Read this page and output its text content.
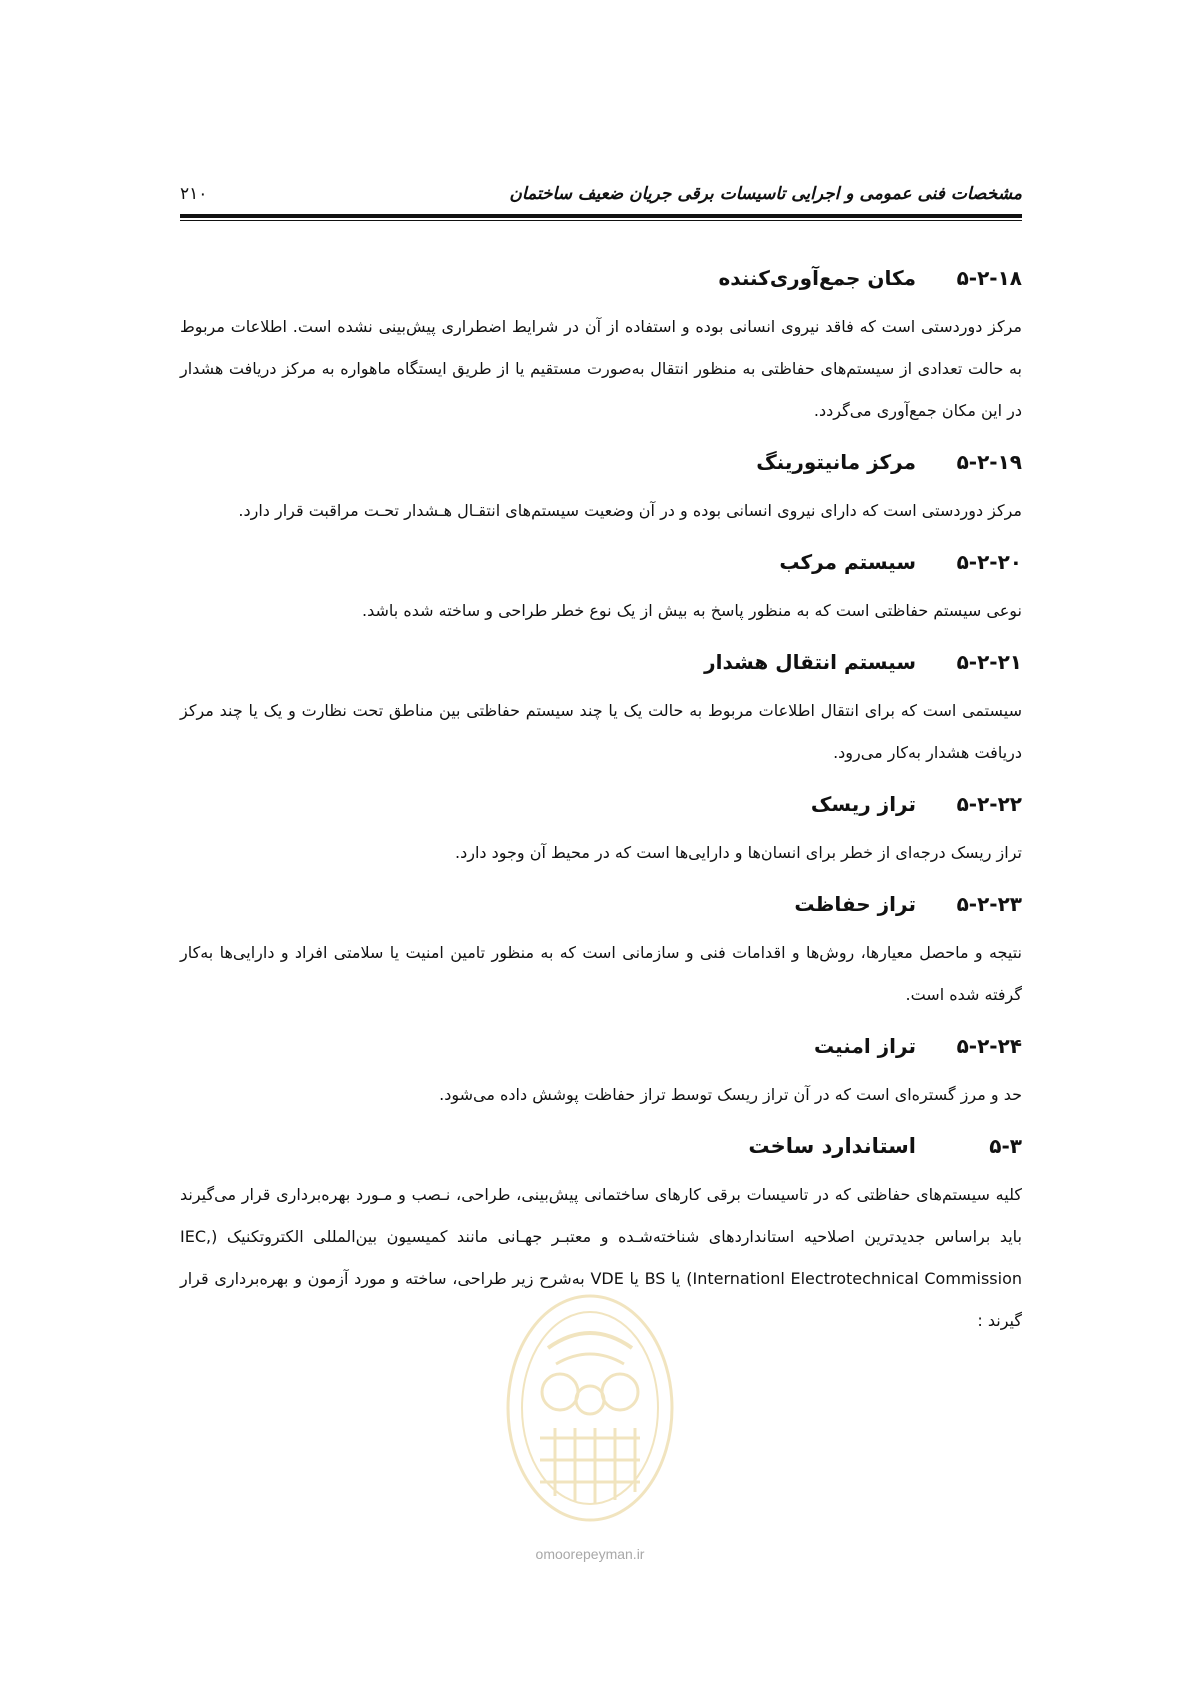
۲۱۰	مشخصات فنی عمومی و اجرایی تاسیسات برقی جریان ضعیف ساختمان
۵-۲-۱۸
مکان جمع‌آوری‌کننده
مرکز دوردستی است که فاقد نیروی انسانی بوده و استفاده از آن در شرایط اضطراری پیش‌بینی نشده است. اطلاعات مربوط به حالت تعدادی از سیستم‌های حفاظتی به منظور انتقال به‌صورت مستقیم یا از طریق ایستگاه ماهواره به مرکز دریافت هشدار در این مکان جمع‌آوری می‌گردد.
۵-۲-۱۹
مرکز مانیتورینگ
مرکز دوردستی است که دارای نیروی انسانی بوده و در آن وضعیت سیستم‌های انتقـال هـشدار تحـت مراقبت قرار دارد.
۵-۲-۲۰
سیستم مرکب
نوعی سیستم حفاظتی است که به منظور پاسخ به بیش از یک نوع خطر طراحی و ساخته شده باشد.
۵-۲-۲۱
سیستم انتقال هشدار
سیستمی است که برای انتقال اطلاعات مربوط به حالت یک یا چند سیستم حفاظتی بین مناطق تحت نظارت و یک یا چند مرکز دریافت هشدار به‌کار می‌رود.
۵-۲-۲۲
تراز ریسک
تراز ریسک درجه‌ای از خطر برای انسان‌ها و دارایی‌ها است که در محیط آن وجود دارد.
۵-۲-۲۳
تراز حفاظت
نتیجه و ماحصل معیارها، روش‌ها و اقدامات فنی و سازمانی است که به منظور تامین امنیت یا سلامتی افراد و دارایی‌ها به‌کار گرفته شده است.
۵-۲-۲۴
تراز امنیت
حد و مرز گستره‌ای است که در آن تراز ریسک توسط تراز حفاظت پوشش داده می‌شود.
۵-۳
استاندارد ساخت
کلیه سیستم‌های حفاظتی که در تاسیسات برقی کارهای ساختمانی پیش‌بینی، طراحی، نـصب و مـورد بهره‌برداری قرار می‌گیرند باید براساس جدیدترین اصلاحیه استانداردهای شناخته‌شـده و معتبـر جهـانی مانند کمیسیون بین‌المللی الکتروتکنیک (IEC, Internationl Electrotechnical Commission) یا BS یا VDE به‌شرح زیر طراحی، ساخته و مورد آزمون و بهره‌برداری قرار گیرند :
omoorepeyman.ir
